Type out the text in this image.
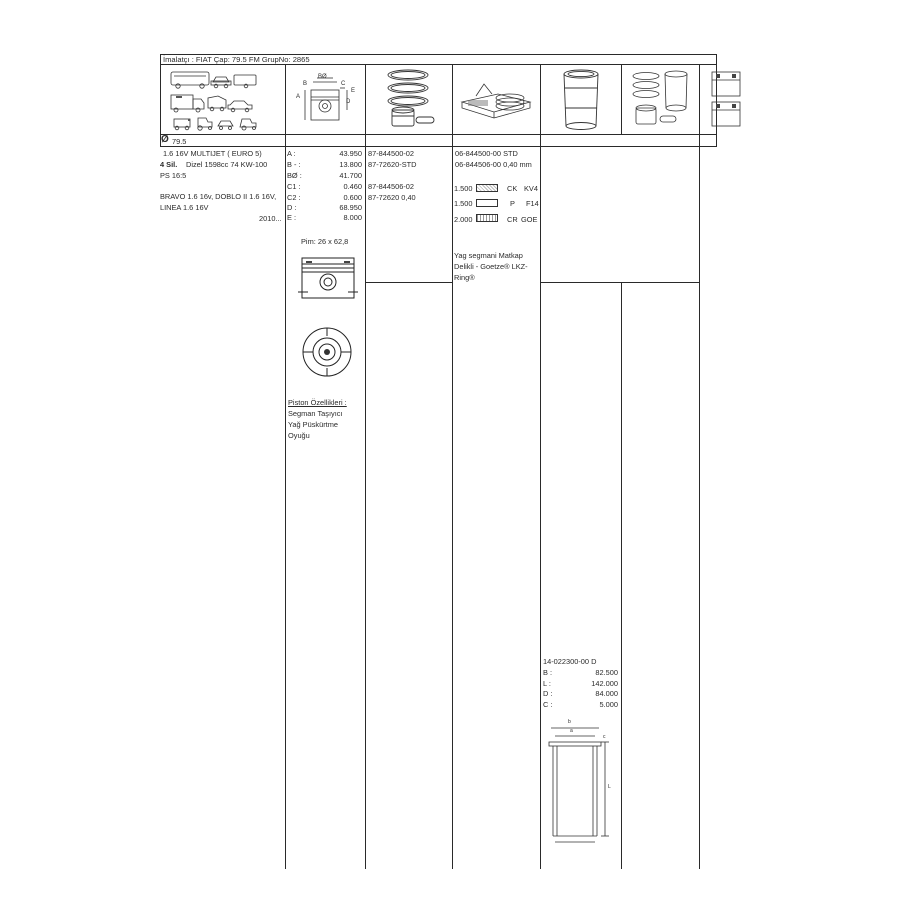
İmalatçı : FIAT Çap: 79.5 FM GrupNo: 2865
BØ
B	C
E
A
D
Ø 79.5
1.6 16V MULTIJET ( EURO 5)
4 Sil. Dizel 1598cc 74 KW-100
PS 16:5
BRAVO 1.6 16v, DOBLO II 1.6 16V,
LINEA 1.6 16V
2010...
A :	43.950
B - :	13.800
BØ :	41.700
C1 :	0.460
C2 :	0.600
D :	68.950
E :	8.000
Pim: 26 x 62,8
Piston Özellikleri :
Segman Taşıyıcı
Yağ Püskürtme
Oyuğu
87-844500-02
87-72620-STD
87-844506-02
87-72620 0,40
06-844500-00 STD
06-844506-00 0,40 mm
1.500	CK KV4
1.500	P F14
2.000	CR GOE
Yag segmani Matkap
Delikli - Goetze® LKZ-
Ring®
14-022300-00 D
B :	82.500
L :	142.000
D :	84.000
C :	5.000
b
a
c
L
